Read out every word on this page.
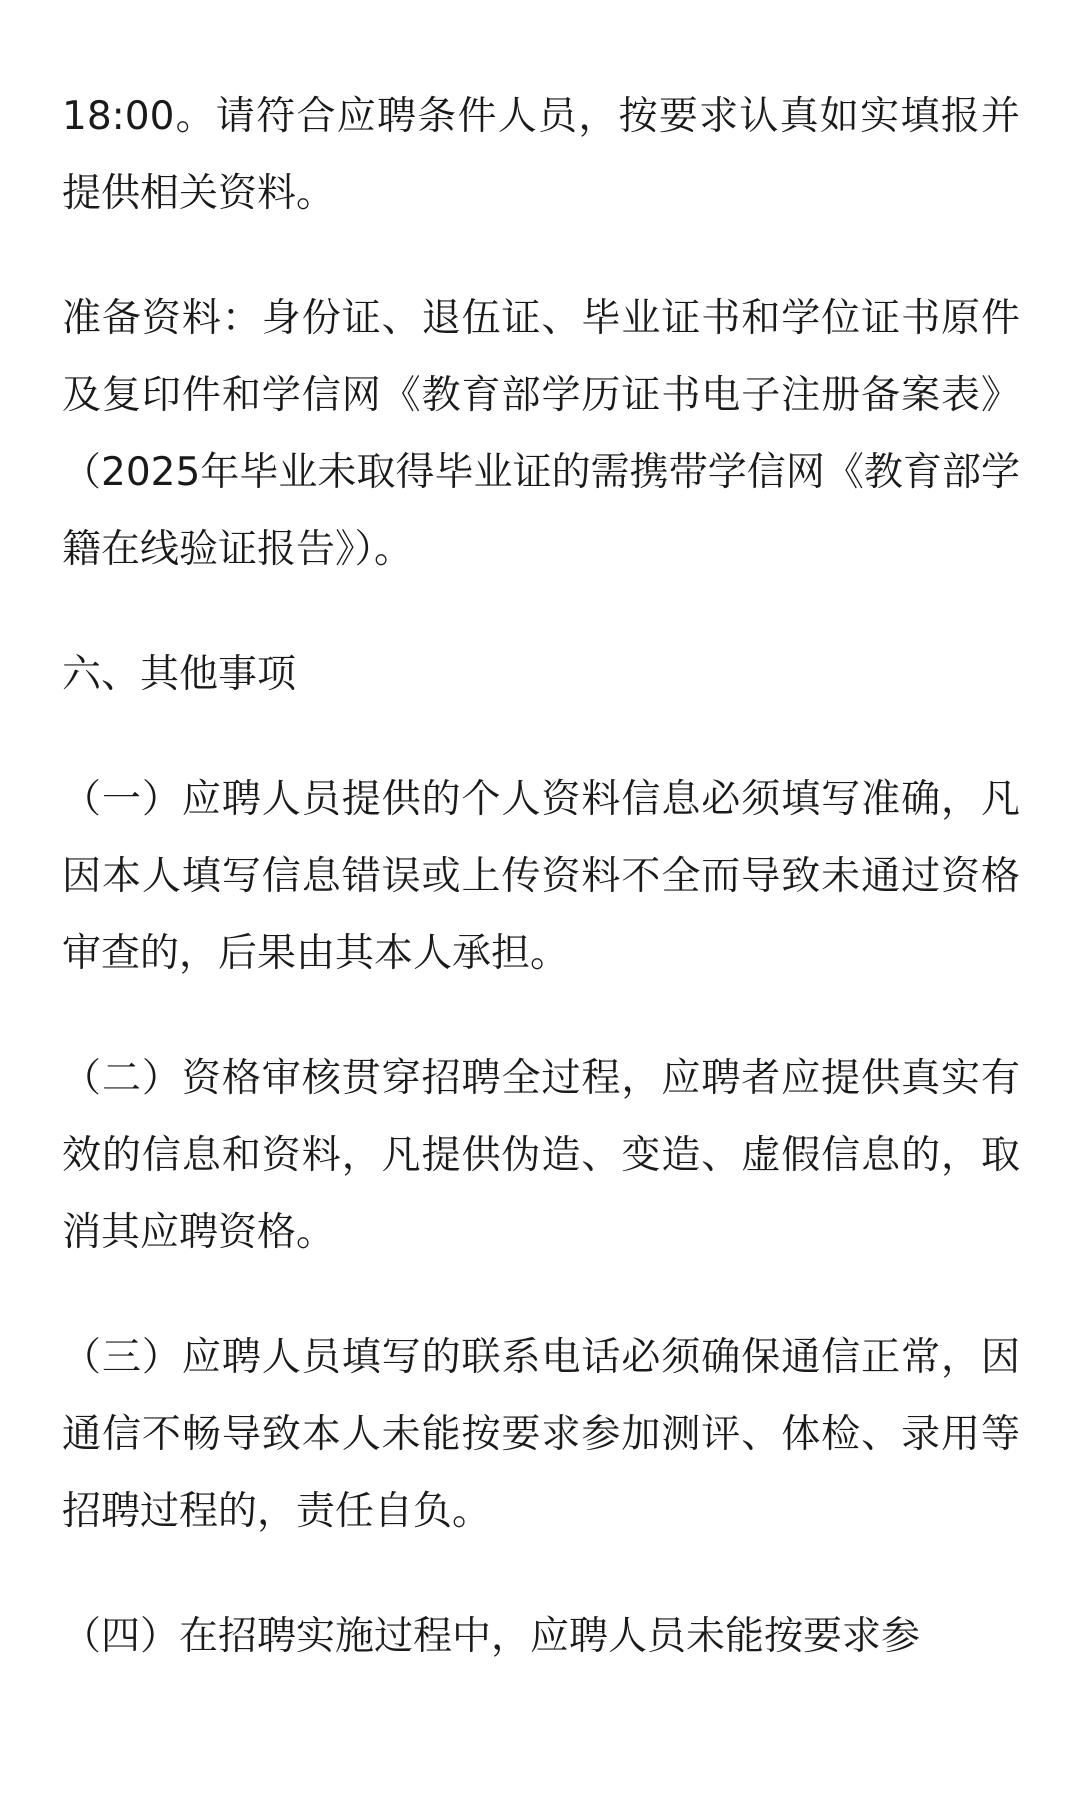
18:00。请符合应聘条件人员，按要求认真如实填报并提供相关资料。

准备资料：身份证、退伍证、毕业证书和学位证书原件及复印件和学信网《教育部学历证书电子注册备案表》（2025年毕业未取得毕业证的需携带学信网《教育部学籍在线验证报告》）。

六、其他事项

（一）应聘人员提供的个人资料信息必须填写准确，凡因本人填写信息错误或上传资料不全而导致未通过资格审查的，后果由其本人承担。

（二）资格审核贯穿招聘全过程，应聘者应提供真实有效的信息和资料，凡提供伪造、变造、虚假信息的，取消其应聘资格。

（三）应聘人员填写的联系电话必须确保通信正常，因通信不畅导致本人未能按要求参加测评、体检、录用等招聘过程的，责任自负。

（四）在招聘实施过程中，应聘人员未能按要求参
